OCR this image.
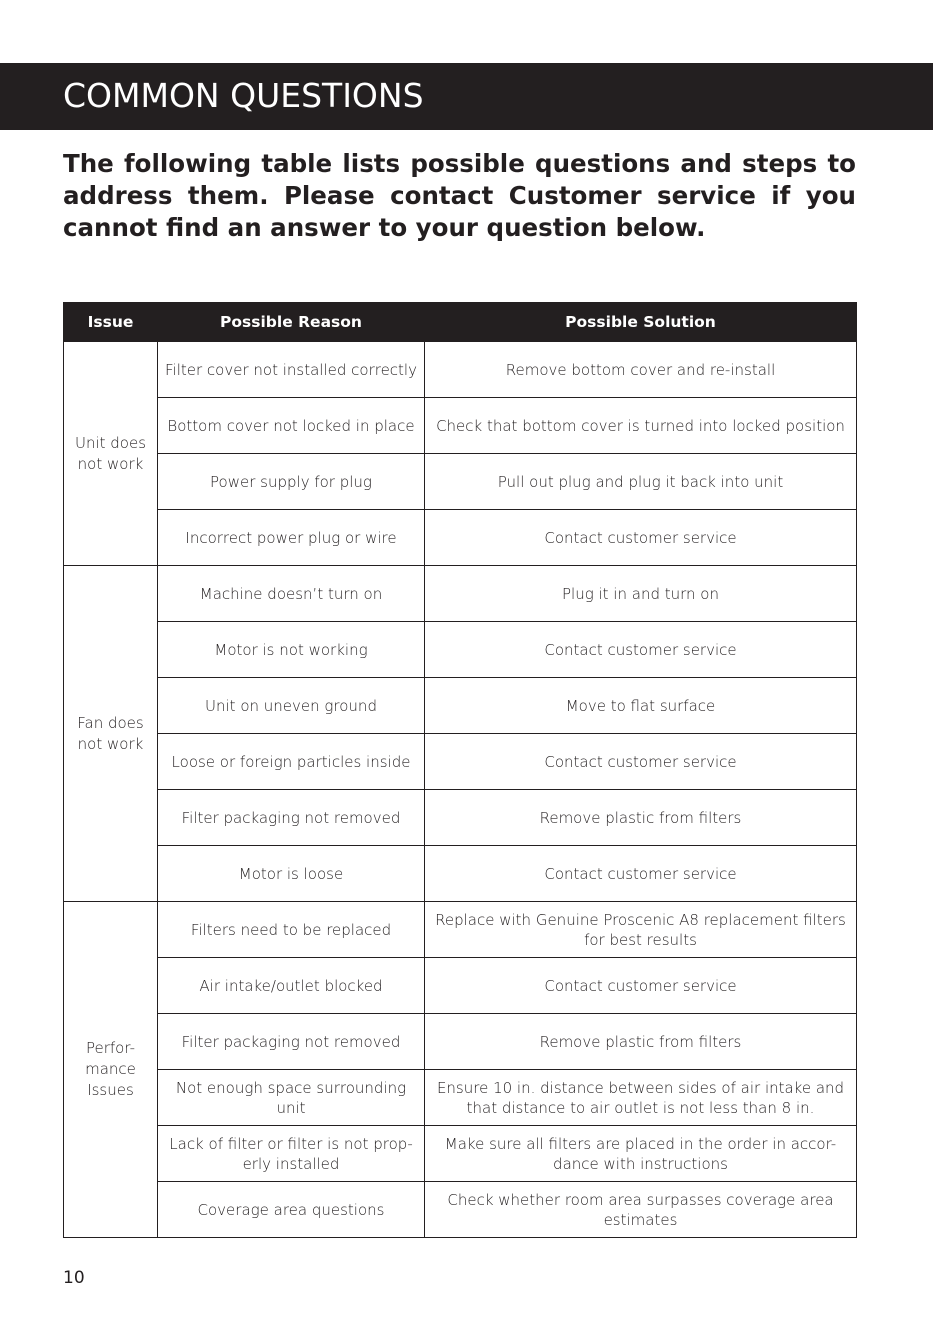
COMMON QUESTIONS

The following table lists possible questions and steps to address them. Please contact Customer service if you cannot find an answer to your question below.

Issue	Possible Reason	Possible Solution
Unit does not work	Filter cover not installed correctly	Remove bottom cover and re-install
	Bottom cover not locked in place	Check that bottom cover is turned into locked position
	Power supply for plug	Pull out plug and plug it back into unit
	Incorrect power plug or wire	Contact customer service
Fan does not work	Machine doesn’t turn on	Plug it in and turn on
	Motor is not working	Contact customer service
	Unit on uneven ground	Move to flat surface
	Loose or foreign particles inside	Contact customer service
	Filter packaging not removed	Remove plastic from filters
	Motor is loose	Contact customer service
Perfor-mance Issues	Filters need to be replaced	Replace with Genuine Proscenic A8 replacement filters for best results
	Air intake/outlet blocked	Contact customer service
	Filter packaging not removed	Remove plastic from filters
	Not enough space surrounding unit	Ensure 10 in. distance between sides of air intake and that distance to air outlet is not less than 8 in.
	Lack of filter or filter is not prop-erly installed	Make sure all filters are placed in the order in accor-dance with instructions
	Coverage area questions	Check whether room area surpasses coverage area estimates
10
